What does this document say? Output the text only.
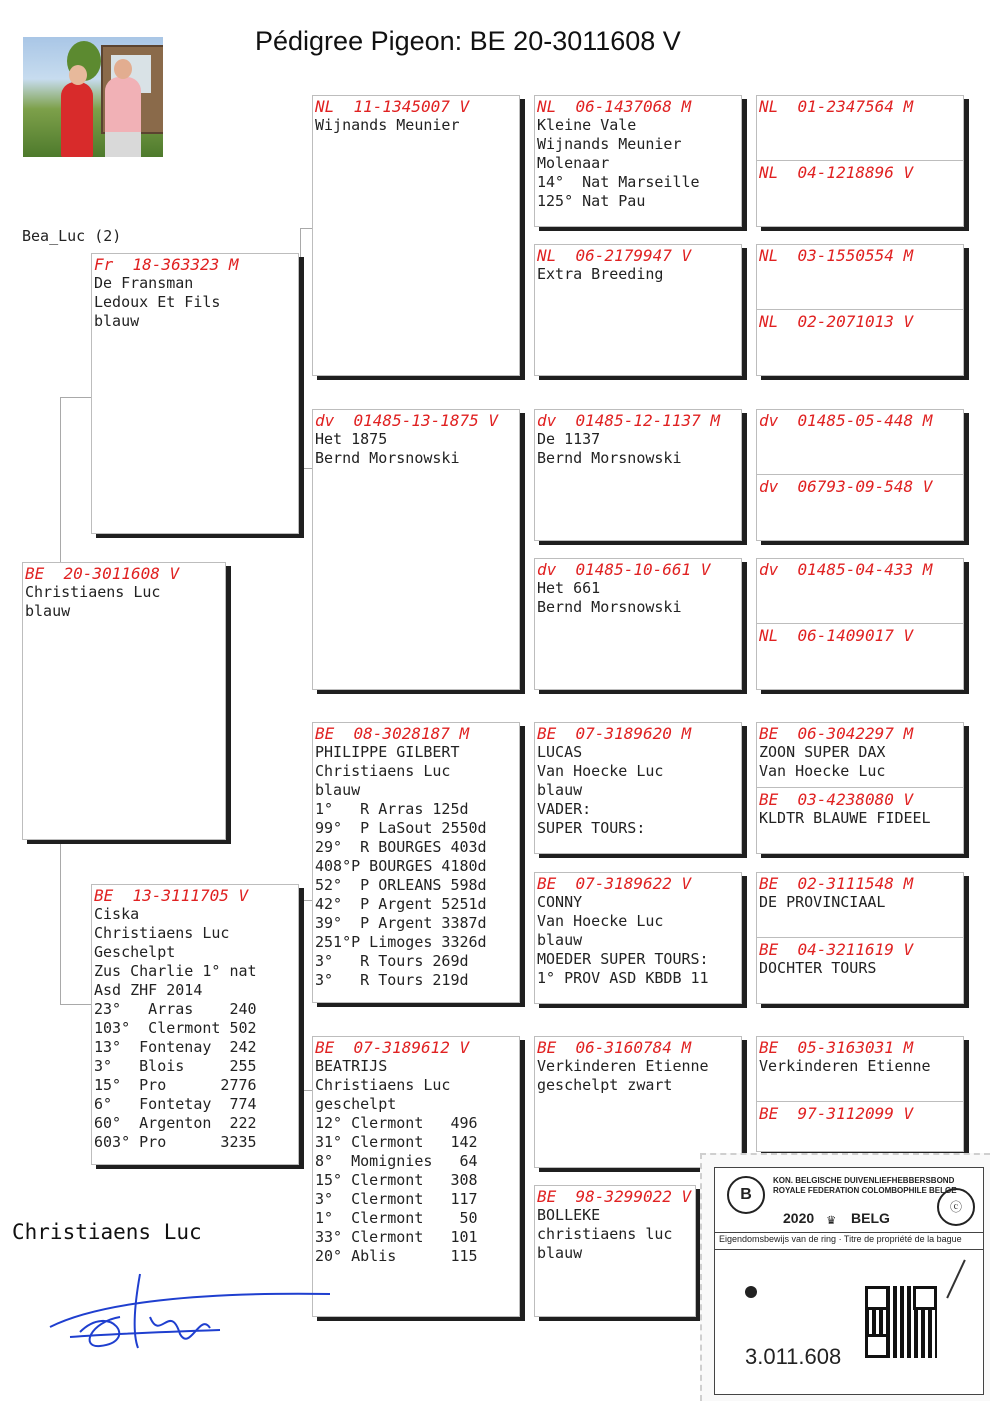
Pédigree Pigeon: BE 20-3011608 V
Bea_Luc (2)
BE  20-3011608 V
Christiaens Luc
blauw
Fr  18-363323 M
De Fransman
Ledoux Et Fils
blauw
BE  13-3111705 V
Ciska
Christiaens Luc
Geschelpt
Zus Charlie 1° nat
Asd ZHF 2014
23°   Arras    240
103°  Clermont 502
13°  Fontenay  242
3°   Blois     255
15°  Pro      2776
6°   Fontetay  774
60°  Argenton  222
603° Pro      3235
NL  11-1345007 V
Wijnands Meunier
dv  01485-13-1875 V
Het 1875
Bernd Morsnowski
BE  08-3028187 M
PHILIPPE GILBERT
Christiaens Luc
blauw
1°   R Arras 125d
99°  P LaSout 2550d
29°  R BOURGES 403d
408°P BOURGES 4180d
52°  P ORLEANS 598d
42°  P Argent 5251d
39°  P Argent 3387d
251°P Limoges 3326d
3°   R Tours 269d
3°   R Tours 219d
BE  07-3189612 V
BEATRIJS
Christiaens Luc
geschelpt
12° Clermont   496
31° Clermont   142
8°  Momignies   64
15° Clermont   308
3°  Clermont   117
1°  Clermont    50
33° Clermont   101
20° Ablis      115
NL  06-1437068 M
Kleine Vale
Wijnands Meunier
Molenaar
14°  Nat Marseille
125° Nat Pau
NL  06-2179947 V
Extra Breeding
dv  01485-12-1137 M
De 1137
Bernd Morsnowski
dv  01485-10-661 V
Het 661
Bernd Morsnowski
BE  07-3189620 M
LUCAS
Van Hoecke Luc
blauw
VADER:
SUPER TOURS:
BE  07-3189622 V
CONNY
Van Hoecke Luc
blauw
MOEDER SUPER TOURS:
1° PROV ASD KBDB 11
BE  06-3160784 M
Verkinderen Etienne
geschelpt zwart
BE  98-3299022 V
BOLLEKE
christiaens luc
blauw
NL  01-2347564 M
NL  04-1218896 V
NL  03-1550554 M
NL  02-2071013 V
dv  01485-05-448 M
dv  06793-09-548 V
dv  01485-04-433 M
NL  06-1409017 V
BE  06-3042297 M
ZOON SUPER DAX
Van Hoecke Luc
BE  03-4238080 V
KLDTR BLAUWE FIDEEL
BE  02-3111548 M
DE PROVINCIAAL
BE  04-3211619 V
DOCHTER TOURS
BE  05-3163031 M
Verkinderen Etienne
BE  97-3112099 V
Christiaens Luc
Christiaens Luc
B
KON. BELGISCHE DUIVENLIEFHEBBERSBOND
ROYALE FEDERATION COLOMBOPHILE BELGE
2020 ♛ BELG
ⓒ
Eigendomsbewijs van de ring · Titre de propriété de la bague
3.011.608
